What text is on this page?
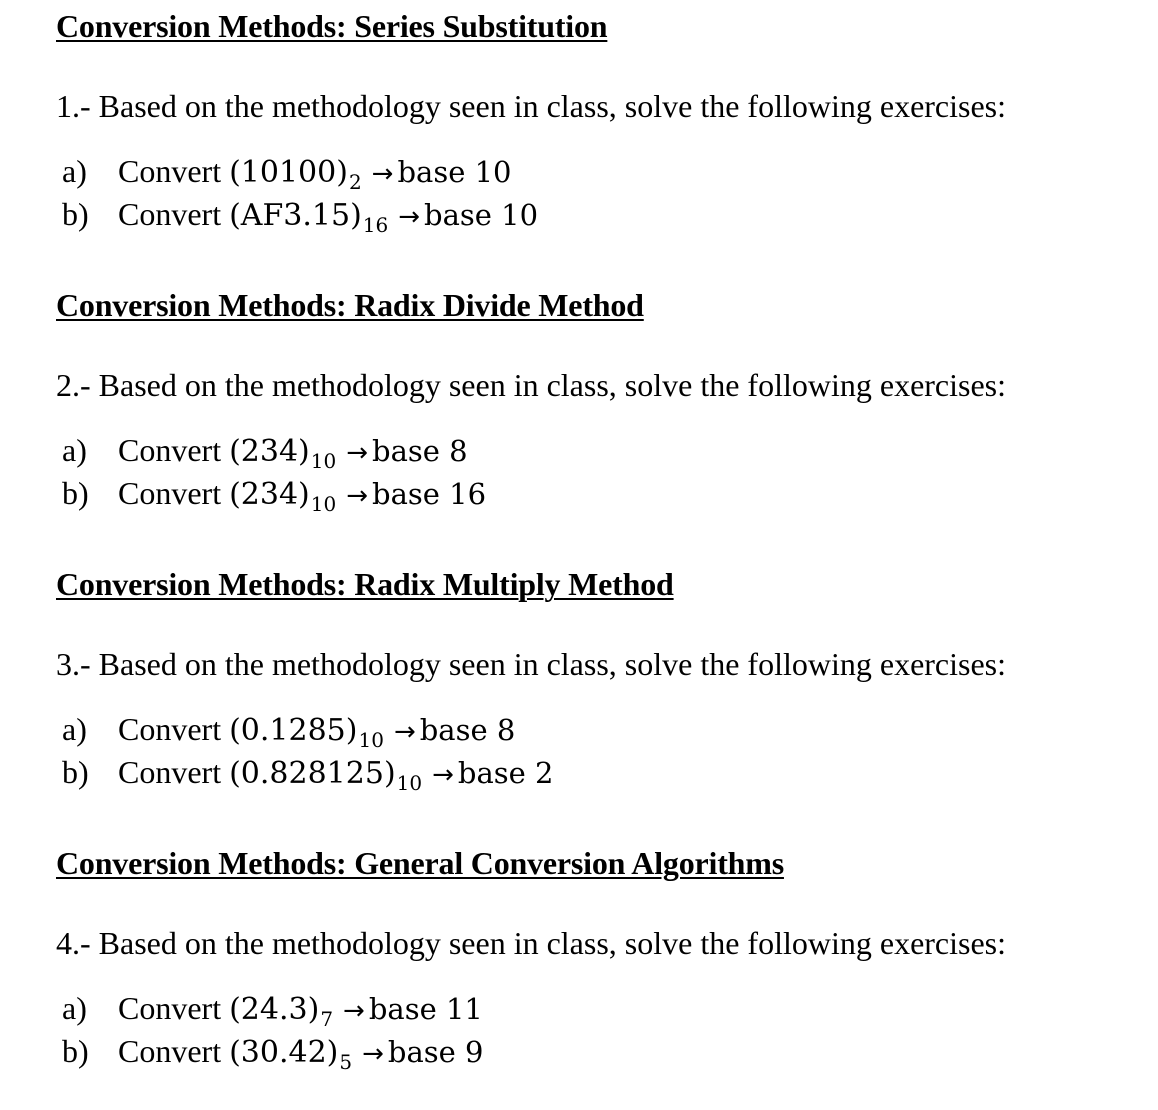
Conversion Methods: Series Substitution

1.- Based on the methodology seen in class, solve the following exercises:

a) Convert $(10100)_2$ → base 10
b) Convert $(AF3.15)_{16}$ → base 10
Conversion Methods: Radix Divide Method

2.- Based on the methodology seen in class, solve the following exercises:

a) Convert $(234)_{10}$ → base 8
b) Convert $(234)_{10}$ → base 16
Conversion Methods: Radix Multiply Method

3.- Based on the methodology seen in class, solve the following exercises:

a) Convert $(0.1285)_{10}$ → base 8
b) Convert $(0.828125)_{10}$ → base 2
Conversion Methods: General Conversion Algorithms

4.- Based on the methodology seen in class, solve the following exercises:

a) Convert $(24.3)_7$ → base 11
b) Convert $(30.42)_5$ → base 9
